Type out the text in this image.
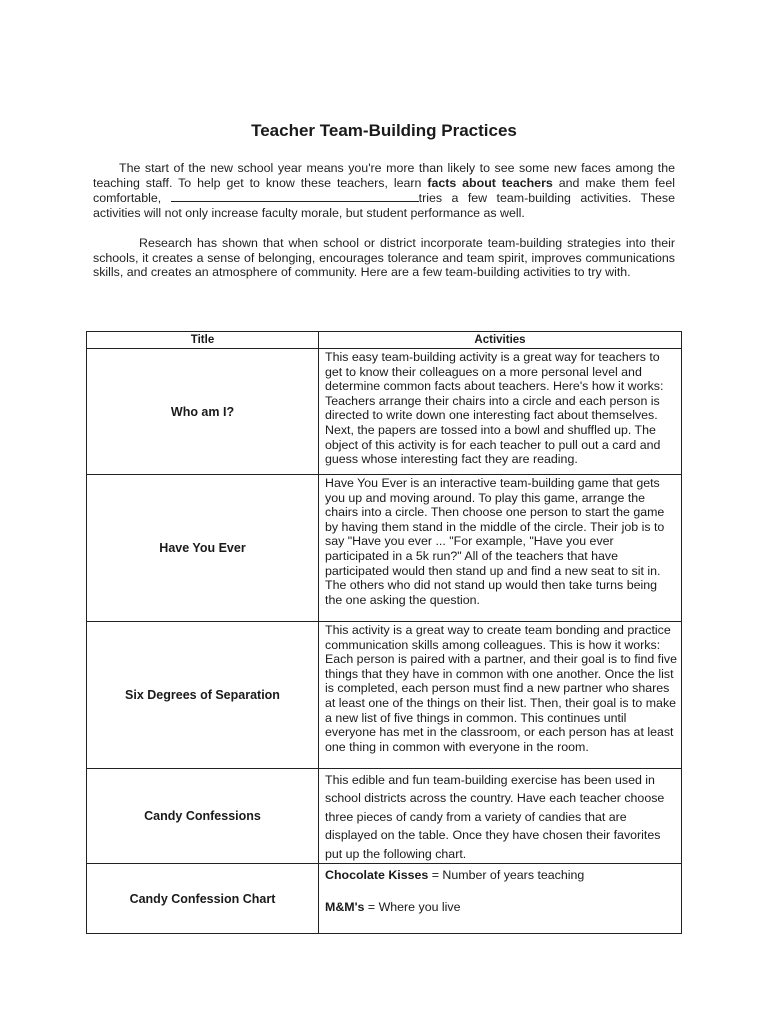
Teacher Team-Building Practices

The start of the new school year means you're more than likely to see some new faces among the teaching staff. To help get to know these teachers, learn facts about teachers and make them feel comfortable,	tries a few team-building activities. These activities will not only increase faculty morale, but student performance as well.

Research has shown that when school or district incorporate team-building strategies into their schools, it creates a sense of belonging, encourages tolerance and team spirit, improves communications skills, and creates an atmosphere of community. Here are a few team-building activities to try with.

Title	Activities
Who am I?	This easy team-building activity is a great way for teachers to get to know their colleagues on a more personal level and determine common facts about teachers. Here's how it works: Teachers arrange their chairs into a circle and each person is directed to write down one interesting fact about themselves. Next, the papers are tossed into a bowl and shuffled up. The object of this activity is for each teacher to pull out a card and guess whose interesting fact they are reading.
Have You Ever	Have You Ever is an interactive team-building game that gets you up and moving around. To play this game, arrange the chairs into a circle. Then choose one person to start the game by having them stand in the middle of the circle. Their job is to say "Have you ever ... "For example, "Have you ever participated in a 5k run?" All of the teachers that have participated would then stand up and find a new seat to sit in. The others who did not stand up would then take turns being the one asking the question.
Six Degrees of Separation	This activity is a great way to create team bonding and practice communication skills among colleagues. This is how it works: Each person is paired with a partner, and their goal is to find five things that they have in common with one another. Once the list is completed, each person must find a new partner who shares at least one of the things on their list. Then, their goal is to make a new list of five things in common. This continues until everyone has met in the classroom, or each person has at least one thing in common with everyone in the room.
Candy Confessions	This edible and fun team-building exercise has been used in school districts across the country. Have each teacher choose three pieces of candy from a variety of candies that are displayed on the table. Once they have chosen their favorites put up the following chart.
Candy Confession Chart	Chocolate Kisses = Number of years teaching
M&M's = Where you live
